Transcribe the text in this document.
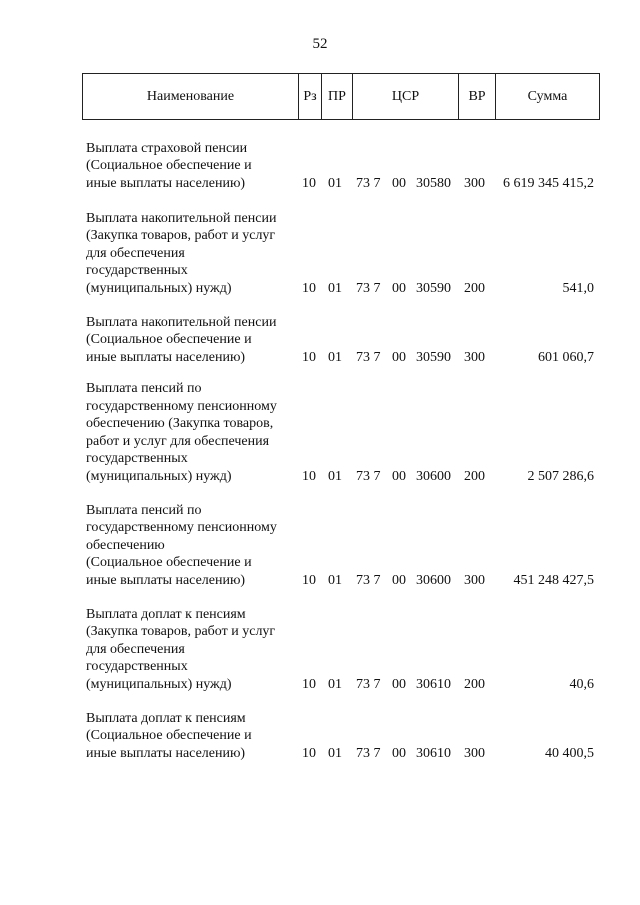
52
Наименование	Рз ПР	ЦСР	ВР	Сумма
Выплата страховой пенсии
(Социальное обеспечение и
иные выплаты населению)	10 01	73 7 00 30580 300	6 619 345 415,2
Выплата накопительной пенсии
(Закупка товаров, работ и услуг
для обеспечения
государственных
(муниципальных) нужд)	10 01	73 7 00 30590 200	541,0
Выплата накопительной пенсии
(Социальное обеспечение и
иные выплаты населению)	10 01	73 7 00 30590 300	601 060,7
Выплата пенсий по
государственному пенсионному
обеспечению (Закупка товаров,
работ и услуг для обеспечения
государственных
(муниципальных) нужд)	10 01	73 7 00 30600 200	2 507 286,6
Выплата пенсий по
государственному пенсионному
обеспечению
(Социальное обеспечение и
иные выплаты населению)	10 01	73 7 00 30600 300	451 248 427,5
Выплата доплат к пенсиям
(Закупка товаров, работ и услуг
для обеспечения
государственных
(муниципальных) нужд)	10 01	73 7 00 30610 200	40,6
Выплата доплат к пенсиям
(Социальное обеспечение и
иные выплаты населению)	10 01	73 7 00 30610 300	40 400,5
